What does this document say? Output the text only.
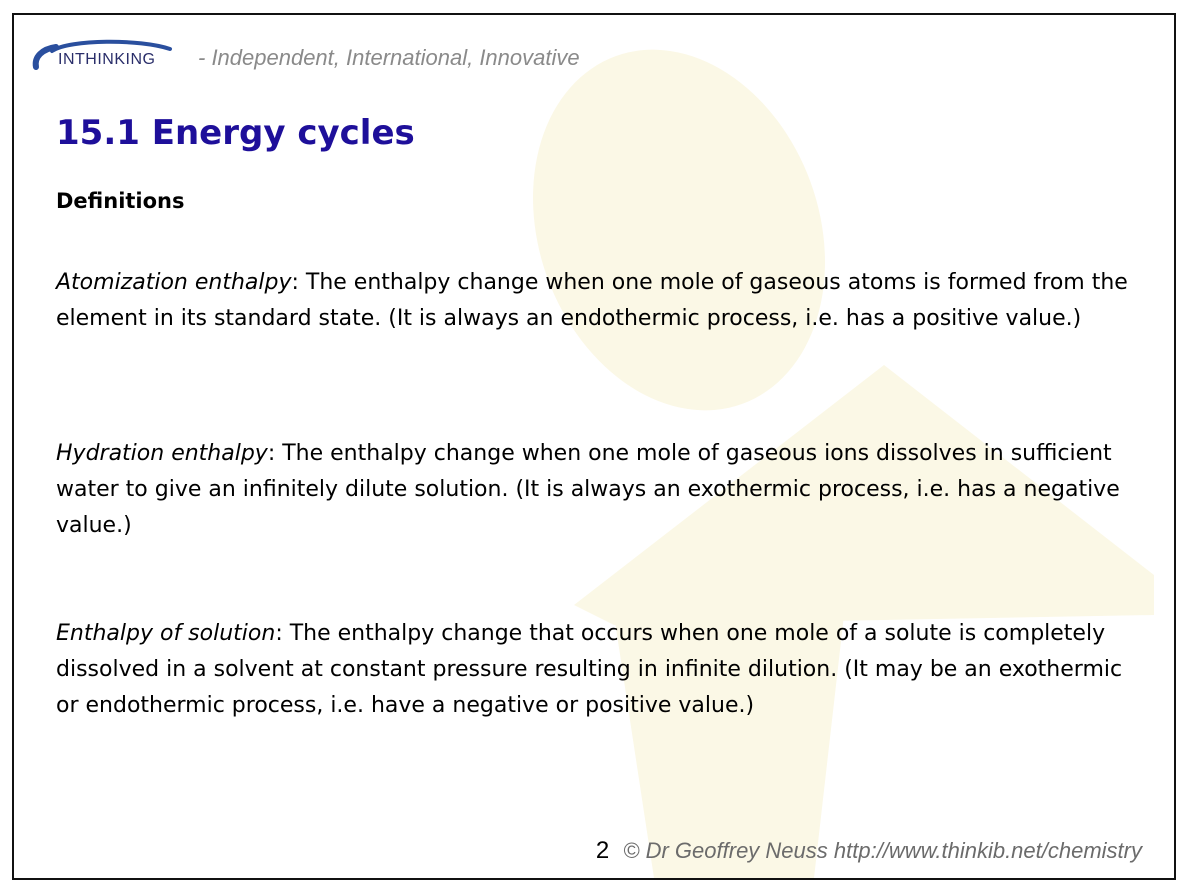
INTHINKING - Independent, International, Innovative
15.1 Energy cycles
Definitions

Atomization enthalpy: The enthalpy change when one mole of gaseous atoms is formed from the element in its standard state. (It is always an endothermic process, i.e. has a positive value.)

Hydration enthalpy: The enthalpy change when one mole of gaseous ions dissolves in sufficient water to give an infinitely dilute solution. (It is always an exothermic process, i.e. has a negative value.)

Enthalpy of solution: The enthalpy change that occurs when one mole of a solute is completely dissolved in a solvent at constant pressure resulting in infinite dilution. (It may be an exothermic or endothermic process, i.e. have a negative or positive value.)

2 © Dr Geoffrey Neuss http://www.thinkib.net/chemistry
